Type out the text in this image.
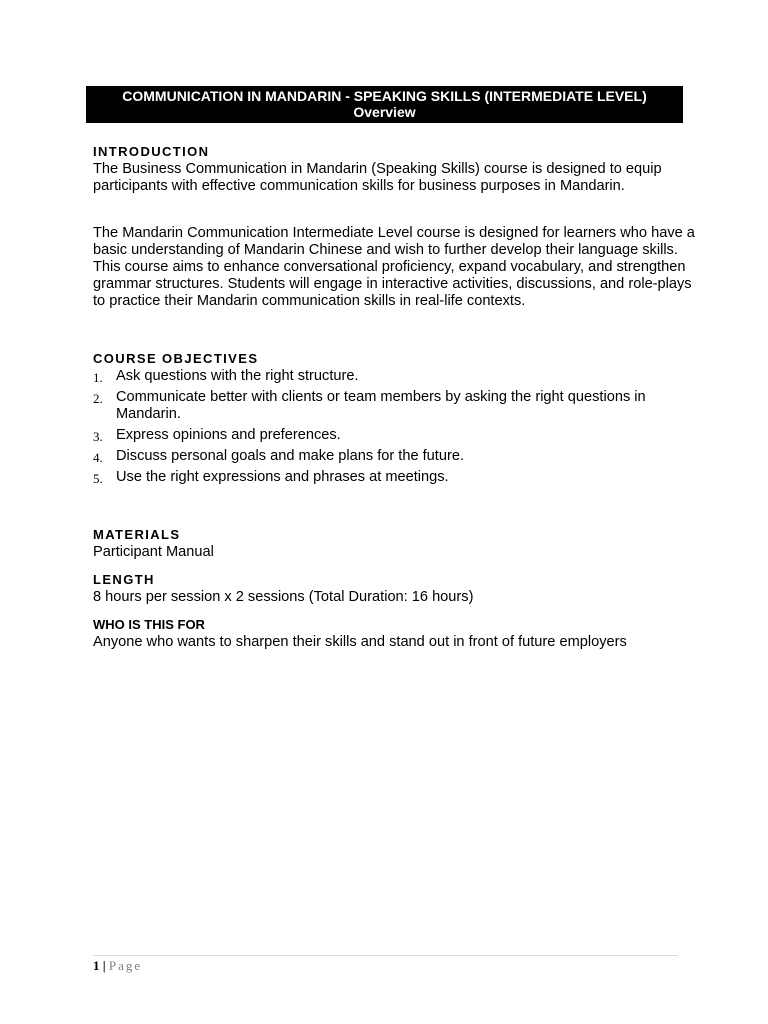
COMMUNICATION IN MANDARIN - SPEAKING SKILLS (INTERMEDIATE LEVEL)
Overview

INTRODUCTION

The Business Communication in Mandarin (Speaking Skills) course is designed to equip participants with effective communication skills for business purposes in Mandarin.

The Mandarin Communication Intermediate Level course is designed for learners who have a basic understanding of Mandarin Chinese and wish to further develop their language skills. This course aims to enhance conversational proficiency, expand vocabulary, and strengthen grammar structures. Students will engage in interactive activities, discussions, and role-plays to practice their Mandarin communication skills in real-life contexts.

COURSE OBJECTIVES

1. Ask questions with the right structure.
2. Communicate better with clients or team members by asking the right questions in Mandarin.
3. Express opinions and preferences.
4. Discuss personal goals and make plans for the future.
5. Use the right expressions and phrases at meetings.

MATERIALS

Participant Manual

LENGTH

8 hours per session x 2 sessions (Total Duration: 16 hours)

WHO IS THIS FOR

Anyone who wants to sharpen their skills and stand out in front of future employers

1 | Page
